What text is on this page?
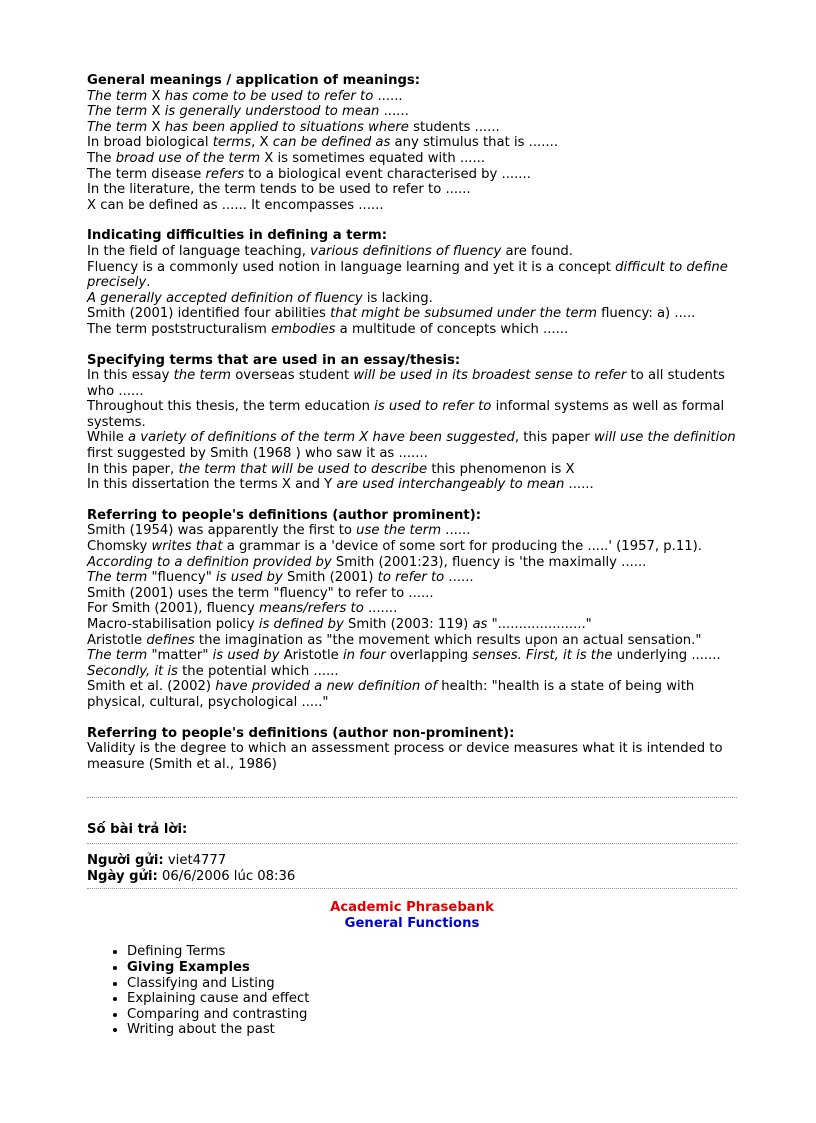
General meanings / application of meanings:
The term X has come to be used to refer to ......
The term X is generally understood to mean ......
The term X has been applied to situations where students ......
In broad biological terms, X can be defined as any stimulus that is .......
The broad use of the term X is sometimes equated with ......
The term disease refers to a biological event characterised by .......
In the literature, the term tends to be used to refer to ......
X can be defined as ...... It encompasses ......
Indicating difficulties in defining a term:
In the field of language teaching, various definitions of fluency are found.
Fluency is a commonly used notion in language learning and yet it is a concept difficult to define precisely.
A generally accepted definition of fluency is lacking.
Smith (2001) identified four abilities that might be subsumed under the term fluency: a) .....
The term poststructuralism embodies a multitude of concepts which ......
Specifying terms that are used in an essay/thesis:
In this essay the term overseas student will be used in its broadest sense to refer to all students who ......
Throughout this thesis, the term education is used to refer to informal systems as well as formal systems.
While a variety of definitions of the term X have been suggested, this paper will use the definition first suggested by Smith (1968 ) who saw it as .......
In this paper, the term that will be used to describe this phenomenon is X
In this dissertation the terms X and Y are used interchangeably to mean ......
Referring to people's definitions (author prominent):
Smith (1954) was apparently the first to use the term ......
Chomsky writes that a grammar is a 'device of some sort for producing the .....' (1957, p.11).
According to a definition provided by Smith (2001:23), fluency is 'the maximally ......
The term "fluency" is used by Smith (2001) to refer to ......
Smith (2001) uses the term "fluency" to refer to ......
For Smith (2001), fluency means/refers to .......
Macro-stabilisation policy is defined by Smith (2003: 119) as "....................."
Aristotle defines the imagination as "the movement which results upon an actual sensation."
The term "matter" is used by Aristotle in four overlapping senses. First, it is the underlying ....... Secondly, it is the potential which ......
Smith et al. (2002) have provided a new definition of health: "health is a state of being with physical, cultural, psychological ....."
Referring to people's definitions (author non-prominent):
Validity is the degree to which an assessment process or device measures what it is intended to measure (Smith et al., 1986)
Số bài trả lời:
Người gửi: viet4777
Ngày gửi: 06/6/2006 lúc 08:36
Academic Phrasebank
General Functions
• Defining Terms
• Giving Examples
• Classifying and Listing
• Explaining cause and effect
• Comparing and contrasting
• Writing about the past
